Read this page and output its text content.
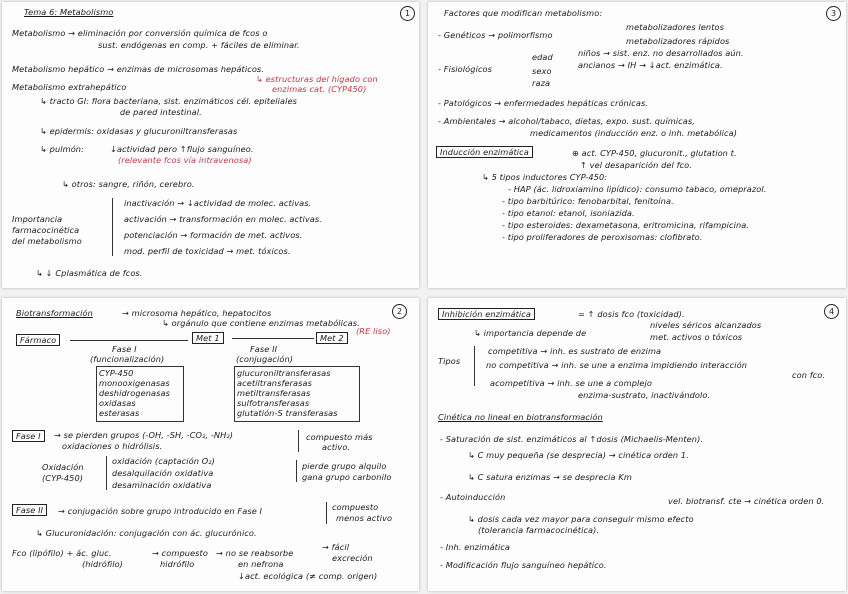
1
Tema 6: Metabolismo
Metabolismo → eliminación por conversión química de fcos o
sust. endógenas en comp. + fáciles de eliminar.
Metabolismo hepático → enzimas de microsomas hepáticos.
↳ estructuras del hígado con
enzimas cat. (CYP450)
Metabolismo extrahepático
↳ tracto GI: flora bacteriana, sist. enzimáticos cél. epiteliales
de pared intestinal.
↳ epidermis: oxidasas y glucuroniltransferasas
↳ pulmón:	↓actividad pero ↑flujo sanguíneo.
(relevante fcos vía intravenosa)
↳ otros: sangre, riñón, cerebro.
Importancia
farmacocinética
del metabolismo
inactivación → ↓actividad de molec. activas.
activación → transformación en molec. activas.
potenciación → formación de met. activos.
mod. perfil de toxicidad → met. tóxicos.
↳ ↓ Cplasmática de fcos.
3
Factores que modifican metabolismo:
- Genéticos → polimorfismo
metabolizadores lentos
metabolizadores rápidos
- Fisiológicos
edad
sexo
raza
niños → sist. enz. no desarrollados aún.
ancianos → IH → ↓act. enzimática.
- Patológicos → enfermedades hepáticas crónicas.
- Ambientales → alcohol/tabaco, dietas, expo. sust. químicas,
medicamentos (inducción enz. o inh. metabólica)
Inducción enzimática	⊕ act. CYP-450, glucuronit., glutation t.
↑ vel desaparición del fco.
↳ 5 tipos inductores CYP-450:
- HAP (ác. lidroxiamino lipídico): consumo tabaco, omeprazol.
- tipo barbitúrico: fenobarbital, fenitoína.
- tipo etanol: etanol, isoniazida.
- tipo esteroides: dexametasona, eritromicina, rifampicina.
- tipo proliferadores de peroxisomas: clofibrato.
2
Biotransformación	→ microsoma hepático, hepatocitos
↳ orgánulo que contiene enzimas metabólicas.
(RE liso)
Fármaco	Met 1	Met 2
Fase I
(funcionalización)
Fase II
(conjugación)
CYP-450
monooxigenasas
deshidrogenasas
oxidasas
esterasas
glucuroniltransferasas
acetiltransferasas
metiltransferasas
sulfotransferasas
glutatión-S transferasas
Fase I	→ se pierden grupos (-OH, -SH, -CO₂, -NH₂)
oxidaciones o hidrólisis.
compuesto más
activo.
Oxidación
(CYP-450)
oxidación (captación O₂)
desalquilación oxidativa
desaminación oxidativa
pierde grupo alquilo
gana grupo carbonilo
Fase II	→ conjugación sobre grupo introducido en Fase I	compuesto
menos activo
↳ Glucuronidación: conjugación con ác. glucurónico.
Fco (lipófilo) + ác. gluc.
(hidrófilo)
→ compuesto
hidrófilo
→ no se reabsorbe
en nefrona
→ fácil
excreción
↓act. ecológica (≠ comp. origen)
4
Inhibición enzimática	= ↑ dosis fco (toxicidad).
↳ importancia depende de
niveles séricos alcanzados
met. activos o tóxicos
Tipos
competitiva → inh. es sustrato de enzima
no competitiva → inh. se une a enzima impidiendo interacción
con fco.
acompetitiva → inh. se une a complejo
enzima-sustrato, inactivándolo.
Cinética no lineal en biotransformación
- Saturación de sist. enzimáticos al ↑dosis (Michaelis-Menten).
↳ C muy pequeña (se desprecia) → cinética orden 1.
↳ C satura enzimas → se desprecia Km
vel. biotransf. cte → cinética orden 0.
- Autoinducción
↳ dosis cada vez mayor para conseguir mismo efecto
(tolerancia farmacocinética).
- Inh. enzimática
- Modificación flujo sanguíneo hepático.
